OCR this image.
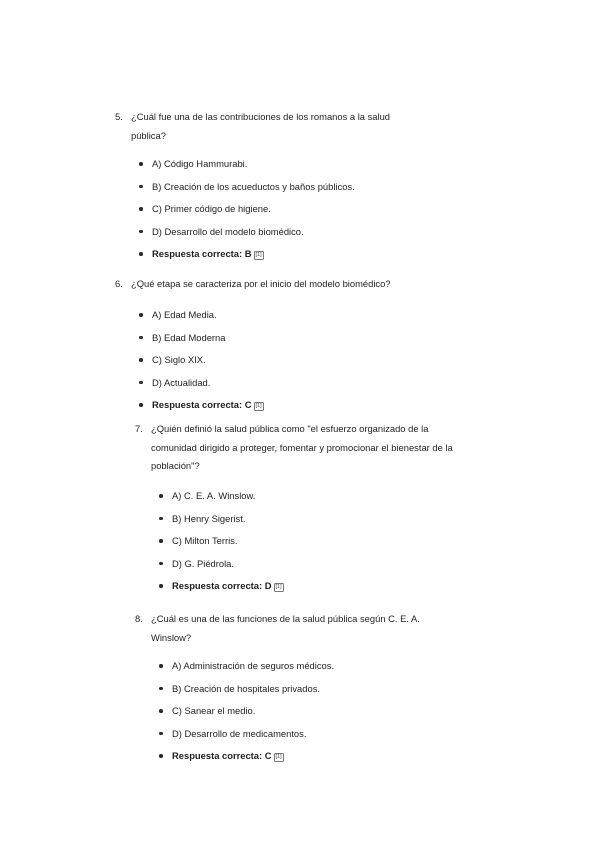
5. ¿Cuál fue una de las contribuciones de los romanos a la salud pública?
A) Código Hammurabi.
B) Creación de los acueductos y baños públicos.
C) Primer código de higiene.
D) Desarrollo del modelo biomédico.
Respuesta correcta: B [1]
6. ¿Qué etapa se caracteriza por el inicio del modelo biomédico?
A) Edad Media.
B) Edad Moderna
C) Siglo XIX.
D) Actualidad.
Respuesta correcta: C [1]
7. ¿Quién definió la salud pública como "el esfuerzo organizado de la comunidad dirigido a proteger, fomentar y promocionar el bienestar de la población"?
A) C. E. A. Winslow.
B) Henry Sigerist.
C) Milton Terris.
D) G. Piédrola.
Respuesta correcta: D [1]
8. ¿Cuál es una de las funciones de la salud pública según C. E. A. Winslow?
A) Administración de seguros médicos.
B) Creación de hospitales privados.
C) Sanear el medio.
D) Desarrollo de medicamentos.
Respuesta correcta: C [1]
